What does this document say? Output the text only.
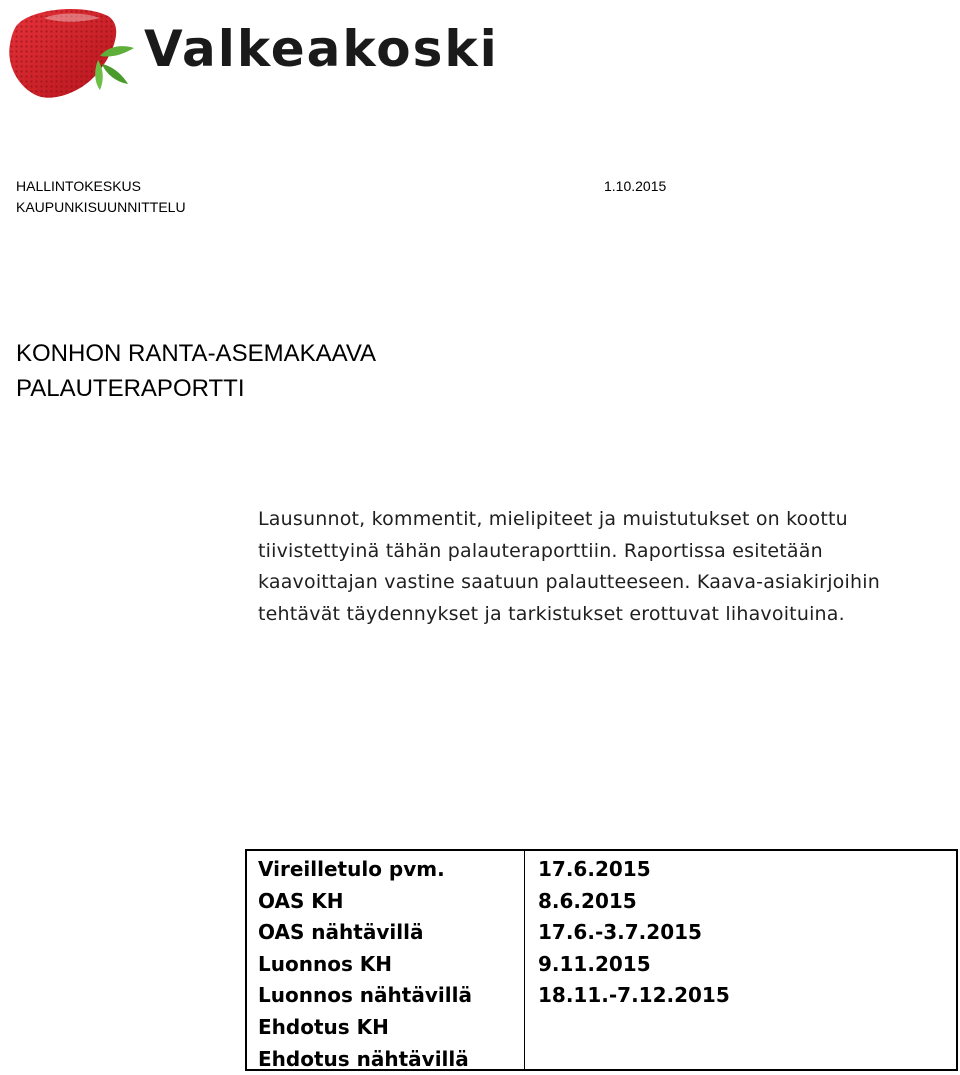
Valkeakoski
HALLINTOKESKUS	1.10.2015
KAUPUNKISUUNNITTELU
KONHON RANTA-ASEMAKAAVA
PALAUTERAPORTTI
Lausunnot, kommentit, mielipiteet ja muistutukset on koottu
tiivistettyinä tähän palauteraporttiin. Raportissa esitetään
kaavoittajan vastine saatuun palautteeseen. Kaava-asiakirjoihin
tehtävät täydennykset ja tarkistukset erottuvat lihavoituina.
Vireilletulo pvm.
OAS KH
OAS nähtävillä
Luonnos KH
Luonnos nähtävillä
Ehdotus KH
Ehdotus nähtävillä
17.6.2015
8.6.2015
17.6.-3.7.2015
9.11.2015
18.11.-7.12.2015
